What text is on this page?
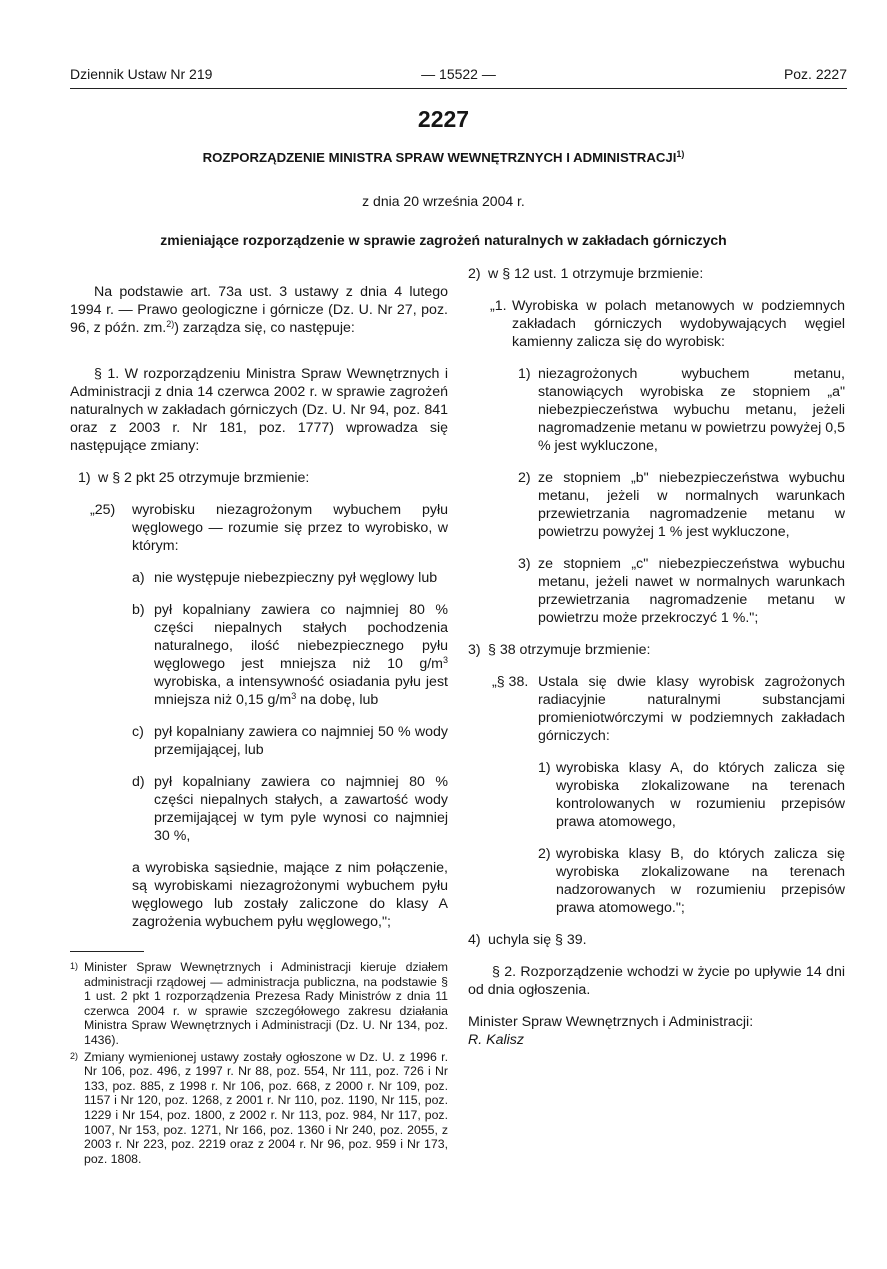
Dziennik Ustaw Nr 219	— 15522 —	Poz. 2227
2227
ROZPORZĄDZENIE MINISTRA SPRAW WEWNĘTRZNYCH I ADMINISTRACJI$^{1)}$
z dnia 20 września 2004 r.
zmieniające rozporządzenie w sprawie zagrożeń naturalnych w zakładach górniczych

Na podstawie art. 73a ust. 3 ustawy z dnia 4 lutego 1994 r. — Prawo geologiczne i górnicze (Dz. U. Nr 27, poz. 96, z późn. zm.$^{2)}$) zarządza się, co następuje:

§ 1. W rozporządzeniu Ministra Spraw Wewnętrznych i Administracji z dnia 14 czerwca 2002 r. w sprawie zagrożeń naturalnych w zakładach górniczych (Dz. U. Nr 94, poz. 841 oraz z 2003 r. Nr 181, poz. 1777) wprowadza się następujące zmiany:

1) w § 2 pkt 25 otrzymuje brzmienie:

„25) wyrobisku niezagrożonym wybuchem pyłu węglowego — rozumie się przez to wyrobisko, w którym:

a) nie występuje niebezpieczny pył węglowy lub

b) pył kopalniany zawiera co najmniej 80 % części niepalnych stałych pochodzenia naturalnego, ilość niebezpiecznego pyłu węglowego jest mniejsza niż 10 $g/m^3$ wyrobiska, a intensywność osiadania pyłu jest mniejsza niż 0,15 $g/m^3$ na dobę, lub

c) pył kopalniany zawiera co najmniej 50 % wody przemijającej, lub

d) pył kopalniany zawiera co najmniej 80 % części niepalnych stałych, a zawartość wody przemijającej w tym pyle wynosi co najmniej 30 %,

a wyrobiska sąsiednie, mające z nim połączenie, są wyrobiskami niezagrożonymi wybuchem pyłu węglowego lub zostały zaliczone do klasy A zagrożenia wybuchem pyłu węglowego,";

2) w § 12 ust. 1 otrzymuje brzmienie:

„1. Wyrobiska w polach metanowych w podziemnych zakładach górniczych wydobywających węgiel kamienny zalicza się do wyrobisk:

1) niezagrożonych wybuchem metanu, stanowiących wyrobiska ze stopniem „a" niebezpieczeństwa wybuchu metanu, jeżeli nagromadzenie metanu w powietrzu powyżej 0,5 % jest wykluczone,

2) ze stopniem „b" niebezpieczeństwa wybuchu metanu, jeżeli w normalnych warunkach przewietrzania nagromadzenie metanu w powietrzu powyżej 1 % jest wykluczone,

3) ze stopniem „c" niebezpieczeństwa wybuchu metanu, jeżeli nawet w normalnych warunkach przewietrzania nagromadzenie metanu w powietrzu może przekroczyć 1 %.";

3) § 38 otrzymuje brzmienie:

„§ 38. Ustala się dwie klasy wyrobisk zagrożonych radiacyjnie naturalnymi substancjami promieniotwórczymi w podziemnych zakładach górniczych:

1) wyrobiska klasy A, do których zalicza się wyrobiska zlokalizowane na terenach kontrolowanych w rozumieniu przepisów prawa atomowego,

2) wyrobiska klasy B, do których zalicza się wyrobiska zlokalizowane na terenach nadzorowanych w rozumieniu przepisów prawa atomowego.";

4) uchyla się § 39.

§ 2. Rozporządzenie wchodzi w życie po upływie 14 dni od dnia ogłoszenia.

Minister Spraw Wewnętrznych i Administracji:

R. Kalisz

1) Minister Spraw Wewnętrznych i Administracji kieruje działem administracji rządowej — administracja publiczna, na podstawie § 1 ust. 2 pkt 1 rozporządzenia Prezesa Rady Ministrów z dnia 11 czerwca 2004 r. w sprawie szczegółowego zakresu działania Ministra Spraw Wewnętrznych i Administracji (Dz. U. Nr 134, poz. 1436).
2) Zmiany wymienionej ustawy zostały ogłoszone w Dz. U. z 1996 r. Nr 106, poz. 496, z 1997 r. Nr 88, poz. 554, Nr 111, poz. 726 i Nr 133, poz. 885, z 1998 r. Nr 106, poz. 668, z 2000 r. Nr 109, poz. 1157 i Nr 120, poz. 1268, z 2001 r. Nr 110, poz. 1190, Nr 115, poz. 1229 i Nr 154, poz. 1800, z 2002 r. Nr 113, poz. 984, Nr 117, poz. 1007, Nr 153, poz. 1271, Nr 166, poz. 1360 i Nr 240, poz. 2055, z 2003 r. Nr 223, poz. 2219 oraz z 2004 r. Nr 96, poz. 959 i Nr 173, poz. 1808.
